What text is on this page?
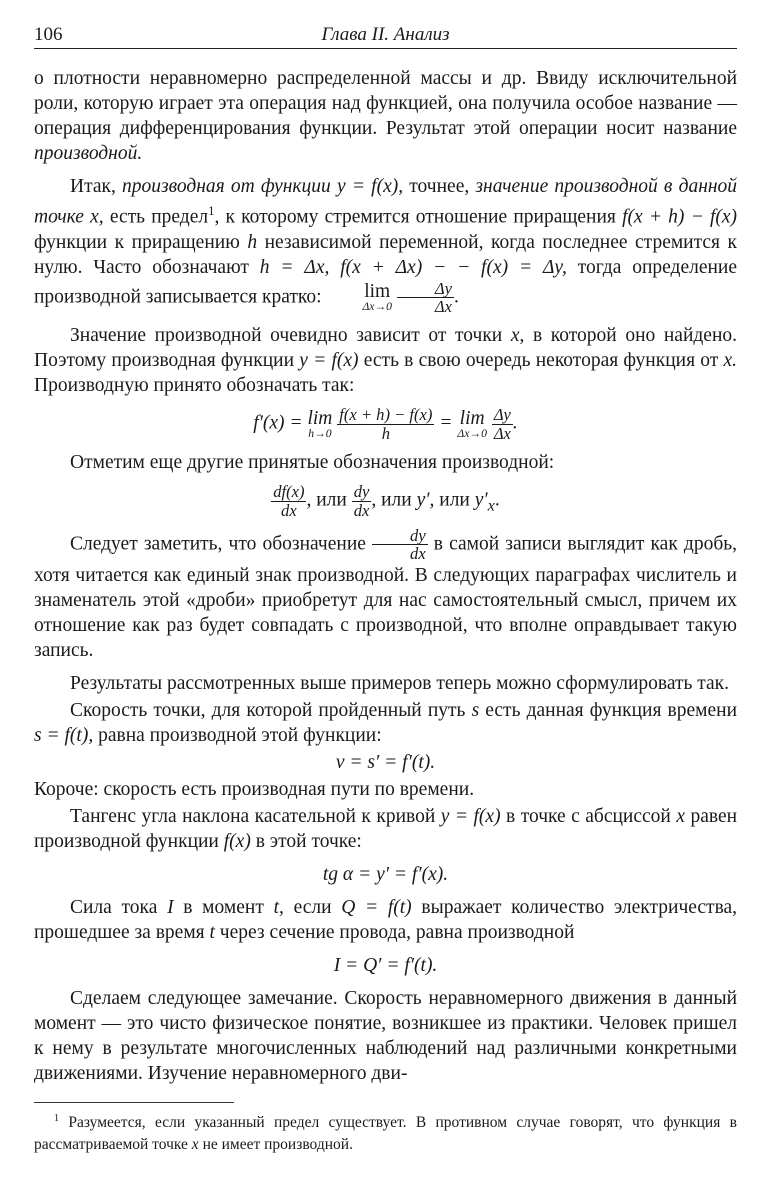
106	Глава II. Анализ

о плотности неравномерно распределенной массы и др. Ввиду исключительной роли, которую играет эта операция над функцией, она получила особое название — операция дифференцирования функции. Результат этой операции носит название производной.

Итак, производная от функции y = f(x), точнее, значение производной в данной точке x, есть предел$^1$, к которому стремится отношение приращения f(x + h) − f(x) функции к приращению h независимой переменной, когда последнее стремится к нулю. Часто обозначают h = Δx, f(x + Δx) − − f(x) = Δy, тогда определение производной записывается кратко:	lim
Δx→0
$\frac{\Delta y}{\Delta x}$ .

Значение производной очевидно зависит от точки x, в которой оно найдено. Поэтому производная функции y = f(x) есть в свою очередь некоторая функция от x. Производную принято обозначать так:

f′(x) = lim
h→0
$\frac{f(x + h) - f(x)}{h} = \lim$
Δx→0
$\frac{\Delta y}{\Delta x}$ .

Отметим еще другие принятые обозначения производной:

$\frac{df(x)}{dx}$ , или $\frac{dy}{dx}$ , или y′, или $y'_x$.

Следует заметить, что обозначение $\frac{dy}{dx}$ в самой записи выглядит как дробь, хотя читается как единый знак производной. В следующих параграфах числитель и знаменатель этой «дроби» приобретут для нас самостоятельный смысл, причем их отношение как раз будет совпадать с производной, что вполне оправдывает такую запись.

Результаты рассмотренных выше примеров теперь можно сформулировать так.

Скорость точки, для которой пройденный путь s есть данная функция времени s = f(t), равна производной этой функции:

v = s′ = f′(t).

Короче: скорость есть производная пути по времени.

Тангенс угла наклона касательной к кривой y = f(x) в точке с абсциссой x равен производной функции f(x) в этой точке:

tg α = y′ = f′(x).

Сила тока I в момент t, если Q = f(t) выражает количество электричества, прошедшее за время t через сечение провода, равна производной

I = Q′ = f′(t).

Сделаем следующее замечание. Скорость неравномерного движения в данный момент — это чисто физическое понятие, возникшее из практики. Человек пришел к нему в результате многочисленных наблюдений над различными конкретными движениями. Изучение неравномерного дви-

$^1$ Разумеется, если указанный предел существует. В противном случае говорят, что функция в рассматриваемой точке x не имеет производной.
